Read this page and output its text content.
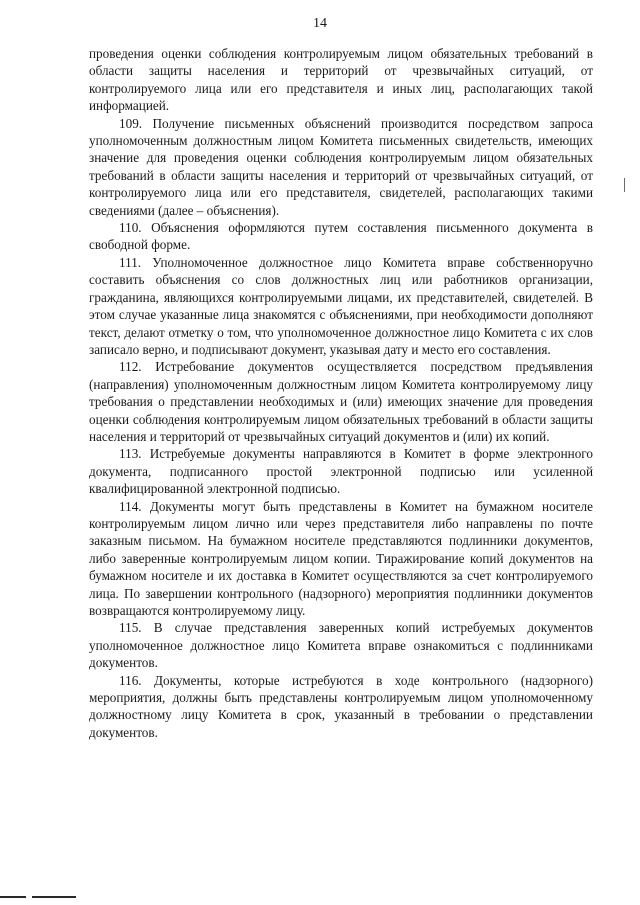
14

проведения оценки соблюдения контролируемым лицом обязательных требований в области защиты населения и территорий от чрезвычайных ситуаций, от контролируемого лица или его представителя и иных лиц, располагающих такой информацией.

109. Получение письменных объяснений производится посредством запроса уполномоченным должностным лицом Комитета письменных свидетельств, имеющих значение для проведения оценки соблюдения контролируемым лицом обязательных требований в области защиты населения и территорий от чрезвычайных ситуаций, от контролируемого лица или его представителя, свидетелей, располагающих такими сведениями (далее – объяснения).

110. Объяснения оформляются путем составления письменного документа в свободной форме.

111. Уполномоченное должностное лицо Комитета вправе собственноручно составить объяснения со слов должностных лиц или работников организации, гражданина, являющихся контролируемыми лицами, их представителей, свидетелей. В этом случае указанные лица знакомятся с объяснениями, при необходимости дополняют текст, делают отметку о том, что уполномоченное должностное лицо Комитета с их слов записало верно, и подписывают документ, указывая дату и место его составления.

112. Истребование документов осуществляется посредством предъявления (направления) уполномоченным должностным лицом Комитета контролируемому лицу требования о представлении необходимых и (или) имеющих значение для проведения оценки соблюдения контролируемым лицом обязательных требований в области защиты населения и территорий от чрезвычайных ситуаций документов и (или) их копий.

113. Истребуемые документы направляются в Комитет в форме электронного документа, подписанного простой электронной подписью или усиленной квалифицированной электронной подписью.

114. Документы могут быть представлены в Комитет на бумажном носителе контролируемым лицом лично или через представителя либо направлены по почте заказным письмом. На бумажном носителе представляются подлинники документов, либо заверенные контролируемым лицом копии. Тиражирование копий документов на бумажном носителе и их доставка в Комитет осуществляются за счет контролируемого лица. По завершении контрольного (надзорного) мероприятия подлинники документов возвращаются контролируемому лицу.

115. В случае представления заверенных копий истребуемых документов уполномоченное должностное лицо Комитета вправе ознакомиться с подлинниками документов.

116. Документы, которые истребуются в ходе контрольного (надзорного) мероприятия, должны быть представлены контролируемым лицом уполномоченному должностному лицу Комитета в срок, указанный в требовании о представлении документов.
